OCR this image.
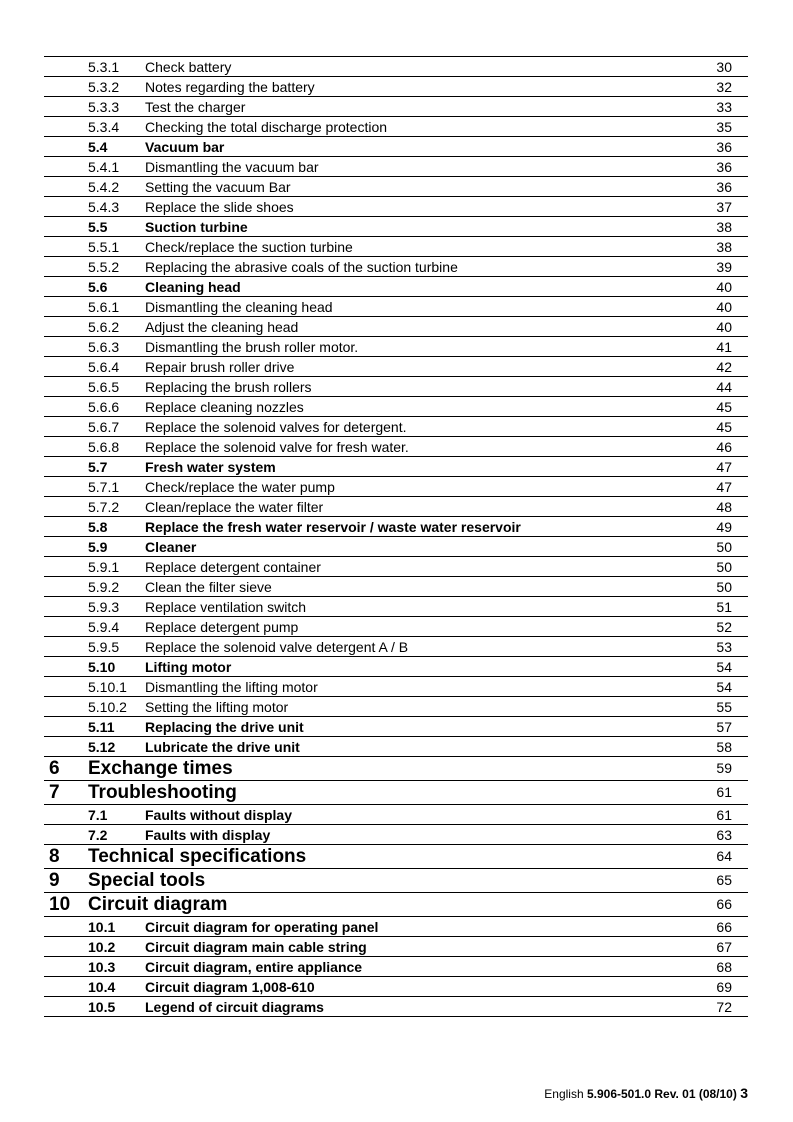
5.3.1 Check battery	30
5.3.2 Notes regarding the battery	32
5.3.3 Test the charger	33
5.3.4 Checking the total discharge protection	35
5.4	Vacuum bar	36
5.4.1 Dismantling the vacuum bar	36
5.4.2 Setting the vacuum Bar	36
5.4.3 Replace the slide shoes	37
5.5	Suction turbine	38
5.5.1 Check/replace the suction turbine	38
5.5.2 Replacing the abrasive coals of the suction turbine	39
5.6	Cleaning head	40
5.6.1 Dismantling the cleaning head	40
5.6.2 Adjust the cleaning head	40
5.6.3 Dismantling the brush roller motor.	41
5.6.4 Repair brush roller drive	42
5.6.5 Replacing the brush rollers	44
5.6.6 Replace cleaning nozzles	45
5.6.7 Replace the solenoid valves for detergent.	45
5.6.8 Replace the solenoid valve for fresh water.	46
5.7	Fresh water system	47
5.7.1 Check/replace the water pump	47
5.7.2 Clean/replace the water filter	48
5.8	Replace the fresh water reservoir / waste water reservoir	49
5.9	Cleaner	50
5.9.1 Replace detergent container	50
5.9.2 Clean the filter sieve	50
5.9.3 Replace ventilation switch	51
5.9.4 Replace detergent pump	52
5.9.5 Replace the solenoid valve detergent A / B	53
5.10 Lifting motor	54
5.10.1 Dismantling the lifting motor	54
5.10.2 Setting the lifting motor	55
5.11 Replacing the drive unit	57
5.12 Lubricate the drive unit	58
6 Exchange times	59
7 Troubleshooting	61
7.1	Faults without display	61
7.2	Faults with display	63
8 Technical specifications	64
9 Special tools	65
10 Circuit diagram	66
10.1 Circuit diagram for operating panel	66
10.2 Circuit diagram main cable string	67
10.3 Circuit diagram, entire appliance	68
10.4 Circuit diagram 1,008-610	69
10.5 Legend of circuit diagrams	72
English 5.906-501.0 Rev. 01 (08/10) 3
